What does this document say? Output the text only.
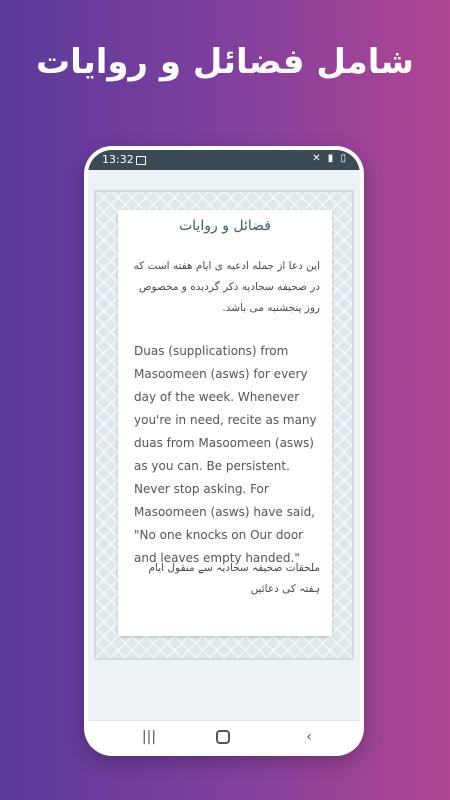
شامل فضائل و روایات
13:32	✕ ▮ ▯
فضائل و روایات
این دعا از جمله ادعیه ی ایام هفته است که در صحیفه سجادیه ذکر گردیده و مخصوص روز پنجشنبه می باشد.
Duas (supplications) from Masoomeen (asws) for every day of the week. Whenever you're in need, recite as many duas from Masoomeen (asws) as you can. Be persistent. Never stop asking. For Masoomeen (asws) have said, "No one knocks on Our door and leaves empty handed."
ملحقات صحیفہ سجادیہ سے منقول ایام ہفتہ کی دعائیں
|||	‹
